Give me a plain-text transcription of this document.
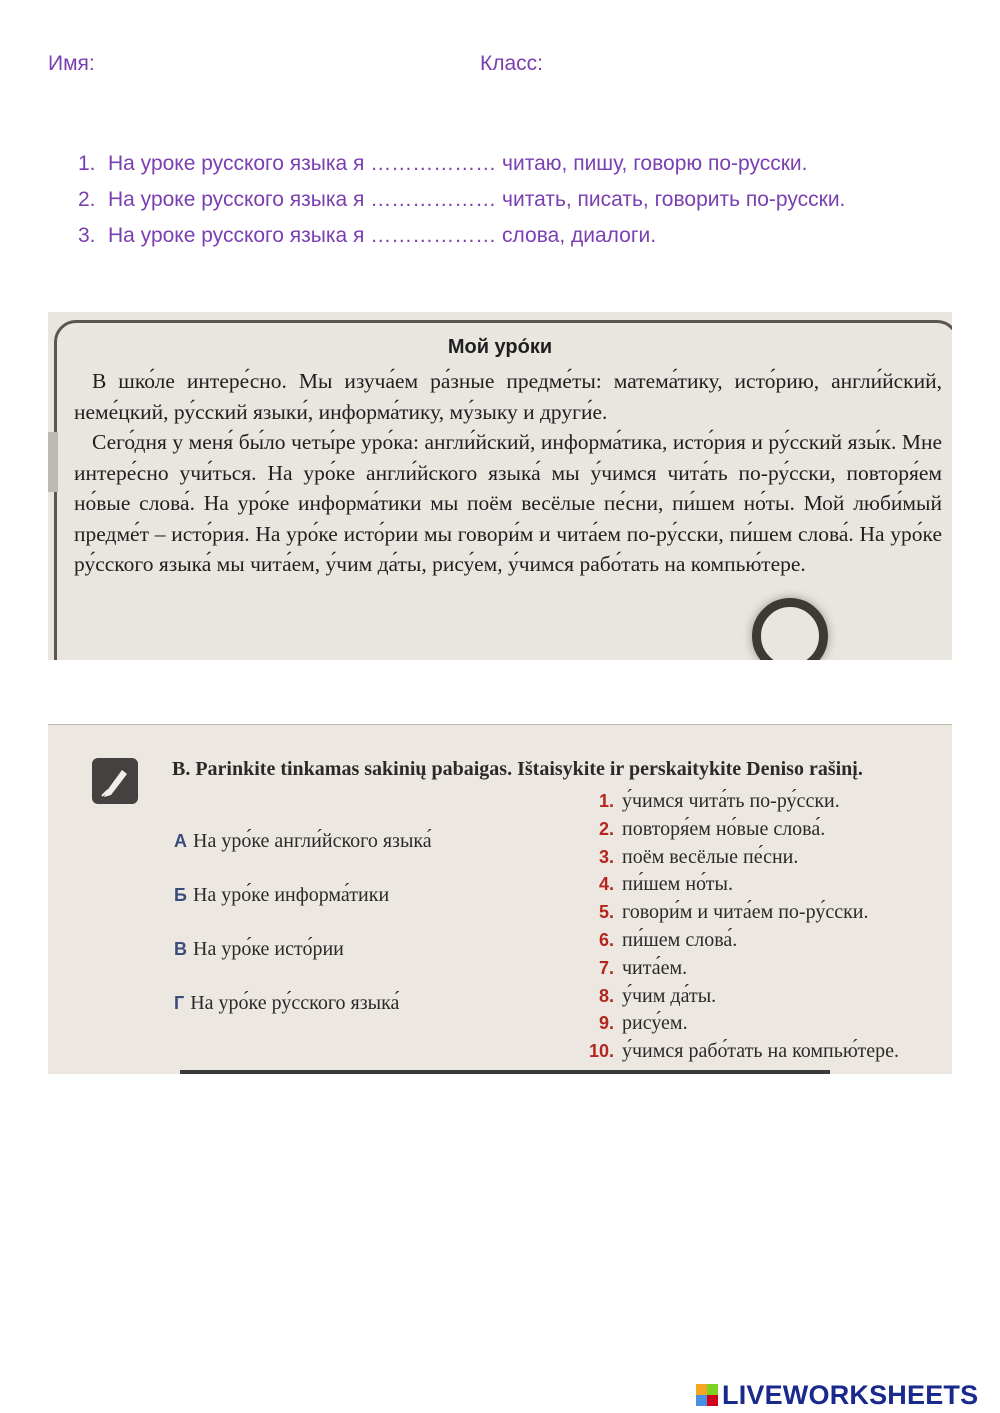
Имя:	Класс:
1. На уроке русского языка я ……………… читаю, пишу, говорю по-русски.
2. На уроке русского языка я ……………… читать, писать, говорить по-русски.
3. На уроке русского языка я ……………… слова, диалоги.
Мой уро́ки

В шко́ле интере́сно. Мы изуча́ем ра́зные предме́ты: матема́тику, исто́рию, англи́йский, неме́цкий, ру́сский языки́, информа́тику, му́зыку и други́е.

Сего́дня у меня́ бы́ло четы́ре уро́ка: англи́йский, информа́тика, исто́рия и ру́сский язы́к. Мне интере́сно учи́ться. На уро́ке англи́йского языка́ мы у́чимся чита́ть по-ру́сски, повторя́ем но́вые слова́. На уро́ке информа́тики мы поём весёлые пе́сни, пи́шем но́ты. Мой люби́мый предме́т – исто́рия. На уро́ке исто́рии мы говори́м и чита́ем по-ру́сски, пи́шем слова́. На уро́ке ру́сского языка́ мы чита́ем, у́чим да́ты, рису́ем, у́чимся рабо́тать на компью́тере.

B. Parinkite tinkamas sakinių pabaigas. Ištaisykite ir perskaitykite Deniso rašinį.
А На уро́ке англи́йского языка́
Б На уро́ке информа́тики
В На уро́ке исто́рии
Г На уро́ке ру́сского языка́
1. у́чимся чита́ть по-ру́сски.
2. повторя́ем но́вые слова́.
3. поём весёлые пе́сни.
4. пи́шем но́ты.
5. говори́м и чита́ем по-ру́сски.
6. пи́шем слова́.
7. чита́ем.
8. у́чим да́ты.
9. рису́ем.
10. у́чимся рабо́тать на компью́тере.
LIVEWORKSHEETS
